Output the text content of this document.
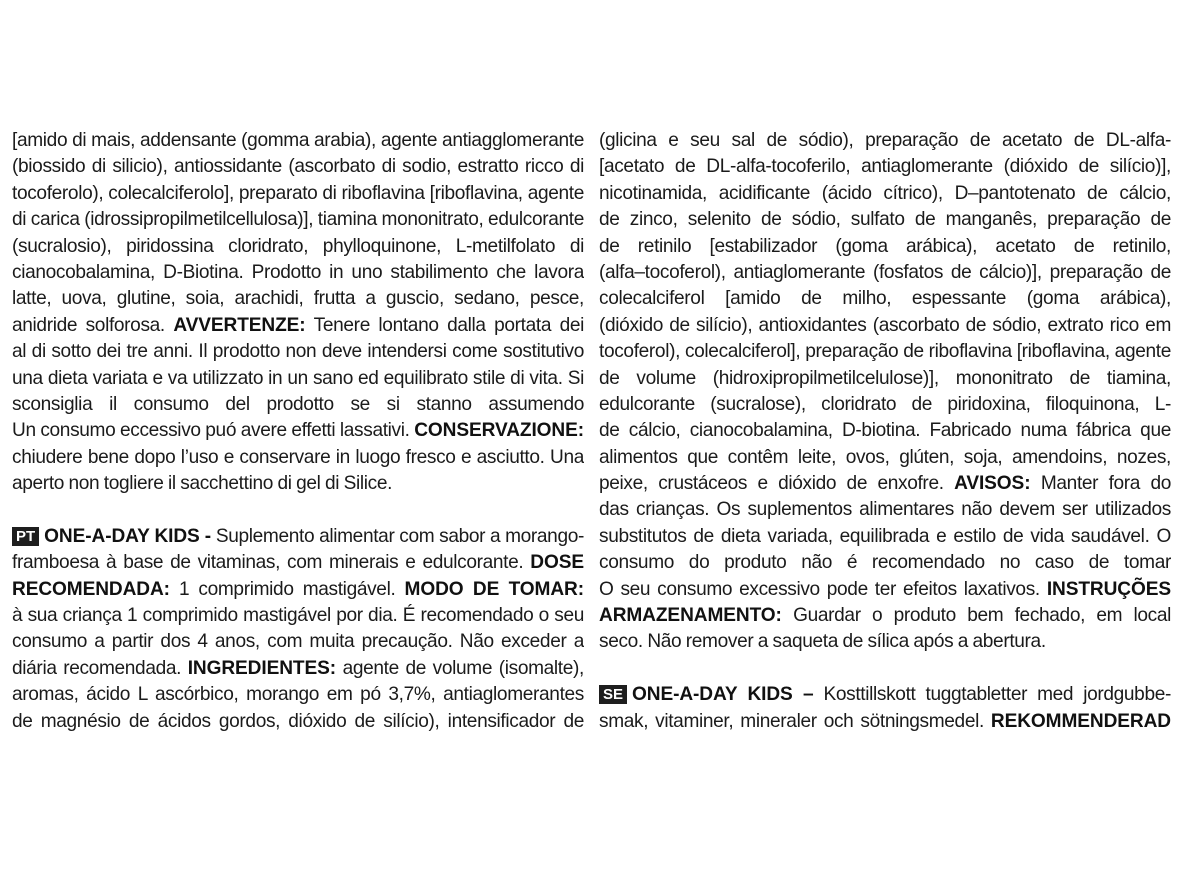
[amido di mais, addensante (gomma arabia), agente antiagglomerante
(biossido di silicio), antiossidante (ascorbato di sodio, estratto ricco di
tocoferolo), colecalciferolo], preparato di riboflavina [riboflavina, agente
di carica (idrossipropilmetilcellulosa)], tiamina mononitrato, edulcorante
(sucralosio), piridossina cloridrato, phylloquinone, L-metilfolato di
cianocobalamina, D-Biotina. Prodotto in uno stabilimento che lavora
latte, uova, glutine, soia, arachidi, frutta a guscio, sedano, pesce,
anidride solforosa. AVVERTENZE: Tenere lontano dalla portata dei
al di sotto dei tre anni. Il prodotto non deve intendersi come sostitutivo
una dieta variata e va utilizzato in un sano ed equilibrato stile di vita. Si
sconsiglia il consumo del prodotto se si stanno assumendo
Un consumo eccessivo puó avere effetti lassativi. CONSERVAZIONE:
chiudere bene dopo l’uso e conservare in luogo fresco e asciutto. Una
aperto non togliere il sacchettino di gel di Silice.
PT ONE-A-DAY KIDS - Suplemento alimentar com sabor a morango-
framboesa à base de vitaminas, com minerais e edulcorante. DOSE
RECOMENDADA: 1 comprimido mastigável. MODO DE TOMAR:
à sua criança 1 comprimido mastigável por dia. É recomendado o seu
consumo a partir dos 4 anos, com muita precaução. Não exceder a
diária recomendada. INGREDIENTES: agente de volume (isomalte),
aromas, ácido L ascórbico, morango em pó 3,7%, antiaglomerantes
de magnésio de ácidos gordos, dióxido de silício), intensificador de
(glicina e seu sal de sódio), preparação de acetato de DL-alfa-
[acetato de DL-alfa-tocoferilo, antiaglomerante (dióxido de silício)],
nicotinamida, acidificante (ácido cítrico), D–pantotenato de cálcio,
de zinco, selenito de sódio, sulfato de manganês, preparação de
de retinilo [estabilizador (goma arábica), acetato de retinilo,
(alfa–tocoferol), antiaglomerante (fosfatos de cálcio)], preparação de
colecalciferol [amido de milho, espessante (goma arábica),
(dióxido de silício), antioxidantes (ascorbato de sódio, extrato rico em
tocoferol), colecalciferol], preparação de riboflavina [riboflavina, agente
de volume (hidroxipropilmetilcelulose)], mononitrato de tiamina,
edulcorante (sucralose), cloridrato de piridoxina, filoquinona, L-
de cálcio, cianocobalamina, D-biotina. Fabricado numa fábrica que
alimentos que contêm leite, ovos, glúten, soja, amendoins, nozes,
peixe, crustáceos e dióxido de enxofre. AVISOS: Manter fora do
das crianças. Os suplementos alimentares não devem ser utilizados
substitutos de dieta variada, equilibrada e estilo de vida saudável. O
consumo do produto não é recomendado no caso de tomar
O seu consumo excessivo pode ter efeitos laxativos. INSTRUÇÕES
ARMAZENAMENTO: Guardar o produto bem fechado, em local
seco. Não remover a saqueta de sílica após a abertura.
SE ONE-A-DAY KIDS – Kosttillskott tuggtabletter med jordgubbe-
smak, vitaminer, mineraler och sötningsmedel. REKOMMENDERAD
